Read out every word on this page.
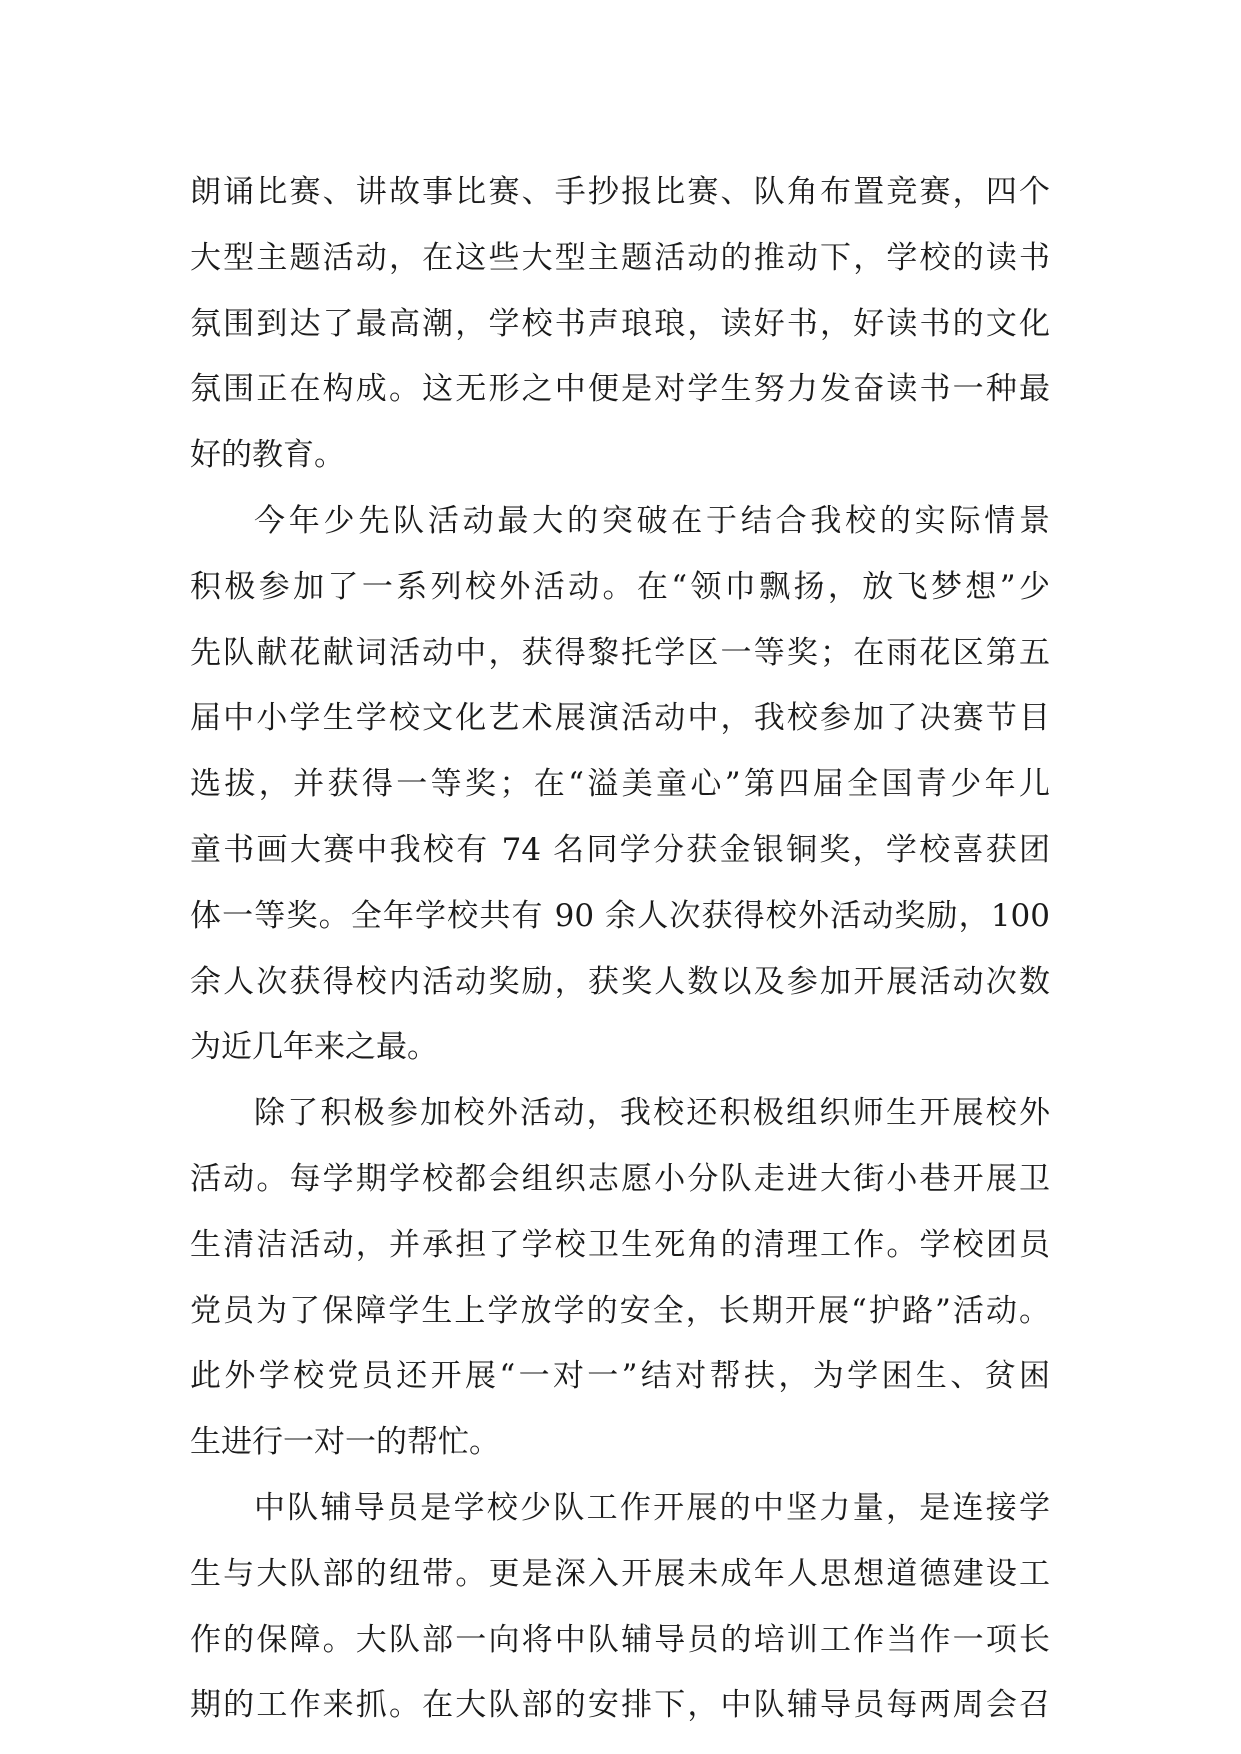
朗诵比赛、讲故事比赛、手抄报比赛、队角布置竞赛，四个
大型主题活动，在这些大型主题活动的推动下，学校的读书
氛围到达了最高潮，学校书声琅琅，读好书，好读书的文化
氛围正在构成。这无形之中便是对学生努力发奋读书一种最
好的教育。
今年少先队活动最大的突破在于结合我校的实际情景
积极参加了一系列校外活动。在“领巾飘扬，放飞梦想”少
先队献花献词活动中，获得黎托学区一等奖；在雨花区第五
届中小学生学校文化艺术展演活动中，我校参加了决赛节目
选拔，并获得一等奖；在“溢美童心”第四届全国青少年儿
童书画大赛中我校有 74 名同学分获金银铜奖，学校喜获团
体一等奖。全年学校共有 90 余人次获得校外活动奖励，100
余人次获得校内活动奖励，获奖人数以及参加开展活动次数
为近几年来之最。
除了积极参加校外活动，我校还积极组织师生开展校外
活动。每学期学校都会组织志愿小分队走进大街小巷开展卫
生清洁活动，并承担了学校卫生死角的清理工作。学校团员
党员为了保障学生上学放学的安全，长期开展“护路”活动。
此外学校党员还开展“一对一”结对帮扶，为学困生、贫困
生进行一对一的帮忙。
中队辅导员是学校少队工作开展的中坚力量，是连接学
生与大队部的纽带。更是深入开展未成年人思想道德建设工
作的保障。大队部一向将中队辅导员的培训工作当作一项长
期的工作来抓。在大队部的安排下，中队辅导员每两周会召
